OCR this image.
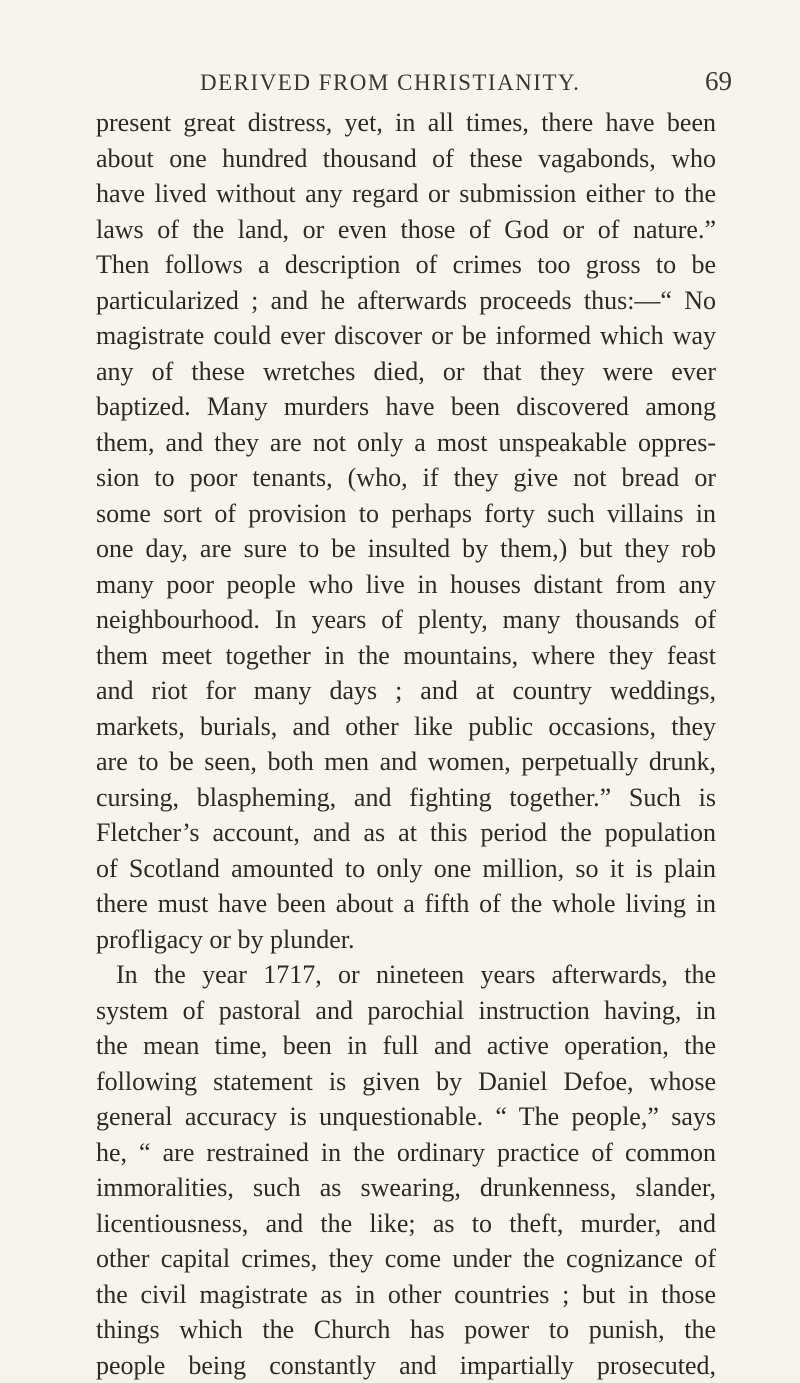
DERIVED FROM CHRISTIANITY.	69
present great distress, yet, in all times, there have been
about one hundred thousand of these vagabonds, who
have lived without any regard or submission either to the
laws of the land, or even those of God or of nature.”
Then follows a description of crimes too gross to be
particularized ; and he afterwards proceeds thus:—“ No
magistrate could ever discover or be informed which way
any of these wretches died, or that they were ever
baptized. Many murders have been discovered among
them, and they are not only a most unspeakable oppres-
sion to poor tenants, (who, if they give not bread or
some sort of provision to perhaps forty such villains in
one day, are sure to be insulted by them,) but they rob
many poor people who live in houses distant from any
neighbourhood. In years of plenty, many thousands of
them meet together in the mountains, where they feast
and riot for many days ; and at country weddings,
markets, burials, and other like public occasions, they
are to be seen, both men and women, perpetually drunk,
cursing, blaspheming, and fighting together.” Such is
Fletcher’s account, and as at this period the population
of Scotland amounted to only one million, so it is plain
there must have been about a fifth of the whole living in
profligacy or by plunder.
In the year 1717, or nineteen years afterwards, the
system of pastoral and parochial instruction having, in
the mean time, been in full and active operation, the
following statement is given by Daniel Defoe, whose
general accuracy is unquestionable. “ The people,” says
he, “ are restrained in the ordinary practice of common
immoralities, such as swearing, drunkenness, slander,
licentiousness, and the like; as to theft, murder, and
other capital crimes, they come under the cognizance of
the civil magistrate as in other countries ; but in those
things which the Church has power to punish, the
people being constantly and impartially prosecuted,
